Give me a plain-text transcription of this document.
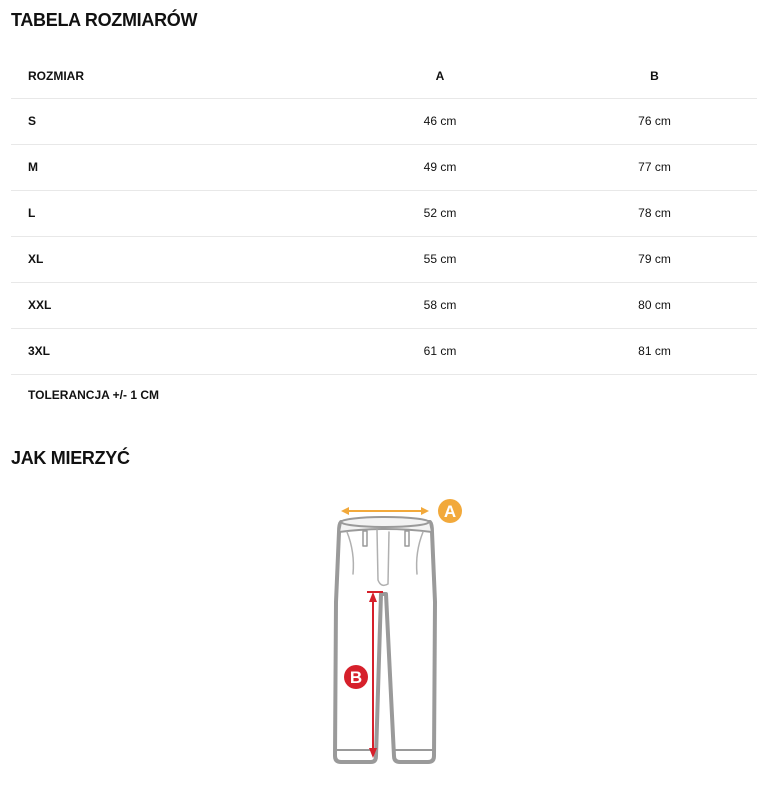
TABELA ROZMIARÓW
ROZMIAR	A	B
S	46 cm	76 cm
M	49 cm	77 cm
L	52 cm	78 cm
XL	55 cm	79 cm
XXL	58 cm	80 cm
3XL	61 cm	81 cm
TOLERANCJA +/- 1 CM		
JAK MIERZYĆ
A
B
